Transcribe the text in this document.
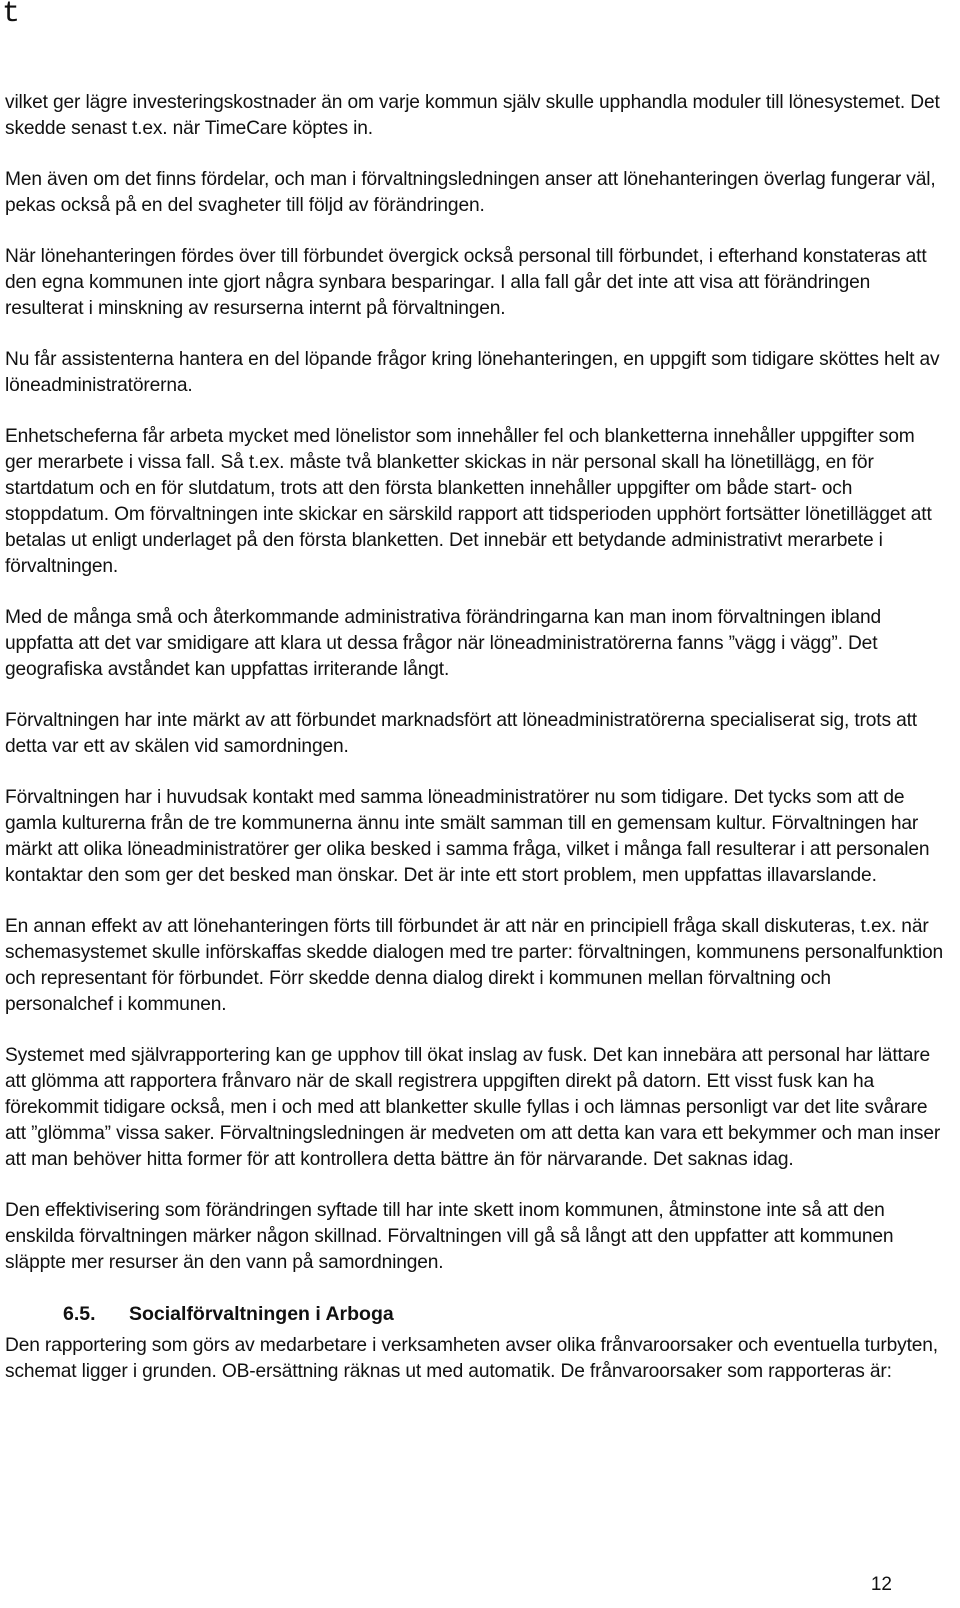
t

vilket ger lägre investeringskostnader än om varje kommun själv skulle upphandla moduler till lönesystemet. Det skedde senast t.ex. när TimeCare köptes in.

Men även om det finns fördelar, och man i förvaltningsledningen anser att lönehanteringen överlag fungerar väl, pekas också på en del svagheter till följd av förändringen.

När lönehanteringen fördes över till förbundet övergick också personal till förbundet, i efterhand konstateras att den egna kommunen inte gjort några synbara besparingar. I alla fall går det inte att visa att förändringen resulterat i minskning av resurserna internt på förvaltningen.

Nu får assistenterna hantera en del löpande frågor kring lönehanteringen, en uppgift som tidigare sköttes helt av löneadministratörerna.

Enhetscheferna får arbeta mycket med lönelistor som innehåller fel och blanketterna innehåller uppgifter som ger merarbete i vissa fall. Så t.ex. måste två blanketter skickas in när personal skall ha lönetillägg, en för startdatum och en för slutdatum, trots att den första blanketten innehåller uppgifter om både start- och stoppdatum. Om förvaltningen inte skickar en särskild rapport att tidsperioden upphört fortsätter lönetillägget att betalas ut enligt underlaget på den första blanketten. Det innebär ett betydande administrativt merarbete i förvaltningen.

Med de många små och återkommande administrativa förändringarna kan man inom förvaltningen ibland uppfatta att det var smidigare att klara ut dessa frågor när löneadministratörerna fanns ”vägg i vägg”. Det geografiska avståndet kan uppfattas irriterande långt.

Förvaltningen har inte märkt av att förbundet marknadsfört att löneadministratörerna specialiserat sig, trots att detta var ett av skälen vid samordningen.

Förvaltningen har i huvudsak kontakt med samma löneadministratörer nu som tidigare. Det tycks som att de gamla kulturerna från de tre kommunerna ännu inte smält samman till en gemensam kultur. Förvaltningen har märkt att olika löneadministratörer ger olika besked i samma fråga, vilket i många fall resulterar i att personalen kontaktar den som ger det besked man önskar. Det är inte ett stort problem, men uppfattas illavarslande.

En annan effekt av att lönehanteringen förts till förbundet är att när en principiell fråga skall diskuteras, t.ex. när schemasystemet skulle införskaffas skedde dialogen med tre parter: förvaltningen, kommunens personalfunktion och representant för förbundet. Förr skedde denna dialog direkt i kommunen mellan förvaltning och personalchef i kommunen.

Systemet med självrapportering kan ge upphov till ökat inslag av fusk. Det kan innebära att personal har lättare att glömma att rapportera frånvaro när de skall registrera uppgiften direkt på datorn. Ett visst fusk kan ha förekommit tidigare också, men i och med att blanketter skulle fyllas i och lämnas personligt var det lite svårare att ”glömma” vissa saker. Förvaltningsledningen är medveten om att detta kan vara ett bekymmer och man inser att man behöver hitta former för att kontrollera detta bättre än för närvarande. Det saknas idag.

Den effektivisering som förändringen syftade till har inte skett inom kommunen, åtminstone inte så att den enskilda förvaltningen märker någon skillnad. Förvaltningen vill gå så långt att den uppfatter att kommunen släppte mer resurser än den vann på samordningen.

6.5. Socialförvaltningen i Arboga

Den rapportering som görs av medarbetare i verksamheten avser olika frånvaroorsaker och eventuella turbyten, schemat ligger i grunden. OB-ersättning räknas ut med automatik. De frånvaroorsaker som rapporteras är:

12
